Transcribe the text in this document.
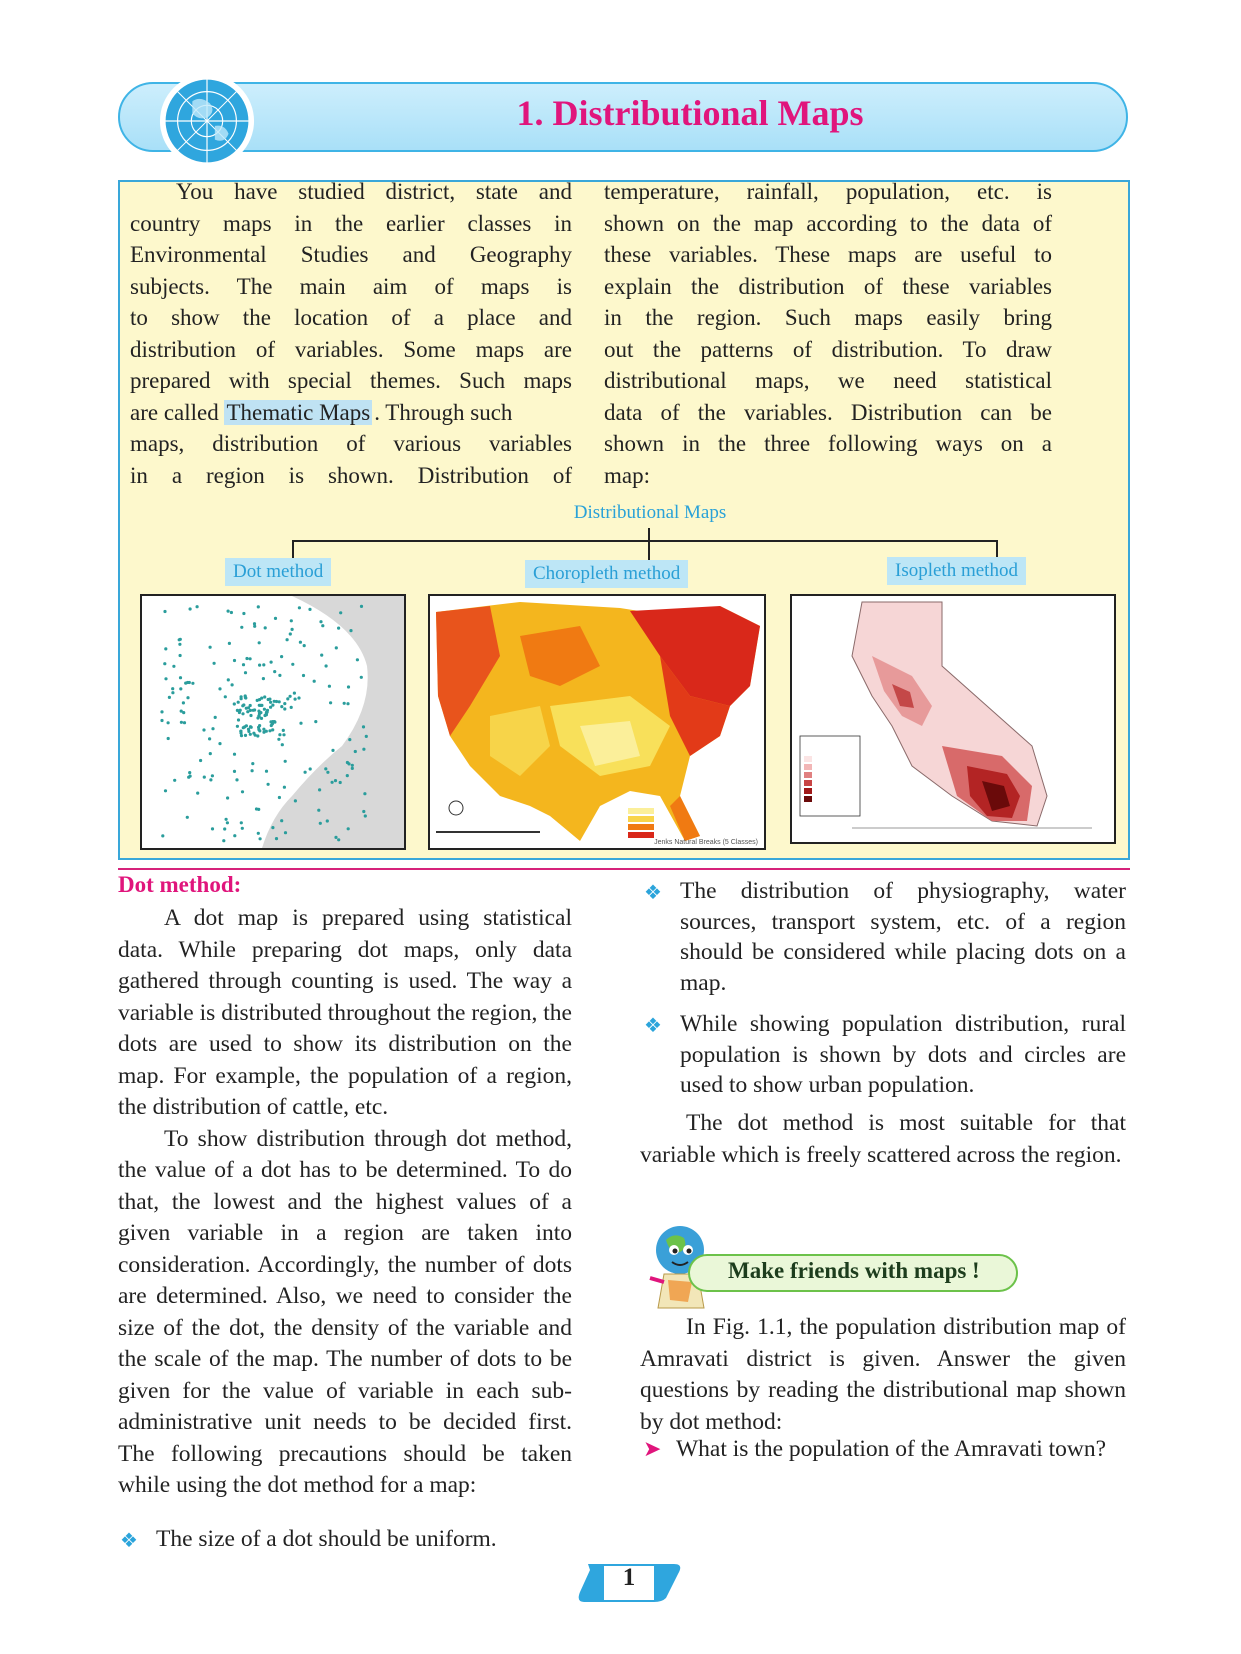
1. Distributional Maps
You have studied district, state and
country maps in the earlier classes in
Environmental Studies and Geography
subjects. The main aim of maps is
to show the location of a place and
distribution of variables. Some maps are
prepared with special themes. Such maps
are called Thematic Maps . Through such
maps, distribution of various variables
in a region is shown. Distribution of
temperature, rainfall, population, etc. is
shown on the map according to the data of
these variables. These maps are useful to
explain the distribution of these variables
in the region. Such maps easily bring
out the patterns of distribution. To draw
distributional maps, we need statistical
data of the variables. Distribution can be
shown in the three following ways on a
map:
Distributional Maps
Dot method	Choropleth method	Isopleth method
Jenks Natural Breaks (5 Classes)
Dot method:

A dot map is prepared using statistical data. While preparing dot maps, only data gathered through counting is used. The way a variable is distributed throughout the region, the dots are used to show its distribution on the map. For example, the population of a region, the distribution of cattle, etc.

To show distribution through dot method, the value of a dot has to be determined. To do that, the lowest and the highest values of a given variable in a region are taken into consideration. Accordingly, the number of dots are determined. Also, we need to consider the size of the dot, the density of the variable and the scale of the map. The number of dots to be given for the value of variable in each sub-administrative unit needs to be decided first. The following precautions should be taken while using the dot method for a map:

❖ The size of a dot should be uniform.
❖ The distribution of physiography, water sources, transport system, etc. of a region should be considered while placing dots on a map.
❖ While showing population distribution, rural population is shown by dots and circles are used to show urban population.

The dot method is most suitable for that variable which is freely scattered across the region.

Make friends with maps !

In Fig. 1.1, the population distribution map of Amravati district is given. Answer the given questions by reading the distributional map shown by dot method:

➤ What is the population of the Amravati town?
1
